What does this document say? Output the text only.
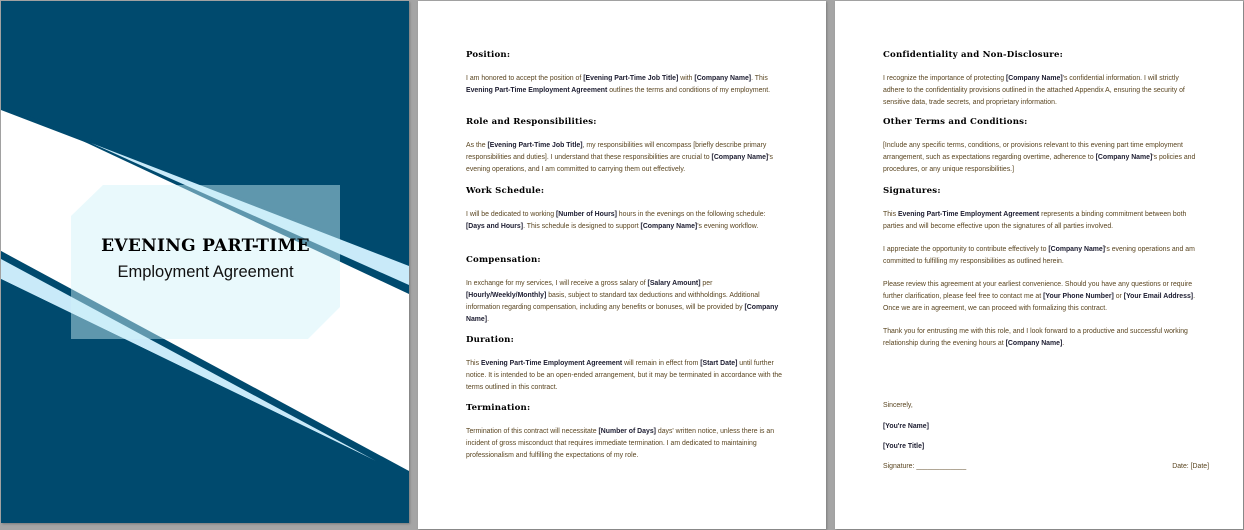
EVENING PART-TIME
Employment Agreement
Position:

I am honored to accept the position of [Evening Part-Time Job Title] with [Company Name]. This Evening Part-Time Employment Agreement outlines the terms and conditions of my employment.

Role and Responsibilities:

As the [Evening Part-Time Job Title], my responsibilities will encompass [briefly describe primary responsibilities and duties]. I understand that these responsibilities are crucial to [Company Name]'s evening operations, and I am committed to carrying them out effectively.

Work Schedule:

I will be dedicated to working [Number of Hours] hours in the evenings on the following schedule: [Days and Hours]. This schedule is designed to support [Company Name]'s evening workflow.

Compensation:

In exchange for my services, I will receive a gross salary of [Salary Amount] per [Hourly/Weekly/Monthly] basis, subject to standard tax deductions and withholdings. Additional information regarding compensation, including any benefits or bonuses, will be provided by [Company Name].

Duration:

This Evening Part-Time Employment Agreement will remain in effect from [Start Date] until further notice. It is intended to be an open-ended arrangement, but it may be terminated in accordance with the terms outlined in this contract.

Termination:

Termination of this contract will necessitate [Number of Days] days' written notice, unless there is an incident of gross misconduct that requires immediate termination. I am dedicated to maintaining professionalism and fulfilling the expectations of my role.

Sincerely,

[You're Name]

[You're Title]

Signature: _____________	Date: [Date]

Confidentiality and Non-Disclosure:

I recognize the importance of protecting [Company Name]'s confidential information. I will strictly adhere to the confidentiality provisions outlined in the attached Appendix A, ensuring the security of sensitive data, trade secrets, and proprietary information.

Other Terms and Conditions:

[Include any specific terms, conditions, or provisions relevant to this evening part time employment arrangement, such as expectations regarding overtime, adherence to [Company Name]'s policies and procedures, or any unique responsibilities.]

Signatures:

This Evening Part-Time Employment Agreement represents a binding commitment between both parties and will become effective upon the signatures of all parties involved.

I appreciate the opportunity to contribute effectively to [Company Name]'s evening operations and am committed to fulfilling my responsibilities as outlined herein.

Please review this agreement at your earliest convenience. Should you have any questions or require further clarification, please feel free to contact me at [Your Phone Number] or [Your Email Address]. Once we are in agreement, we can proceed with formalizing this contract.

Thank you for entrusting me with this role, and I look forward to a productive and successful working relationship during the evening hours at [Company Name].
